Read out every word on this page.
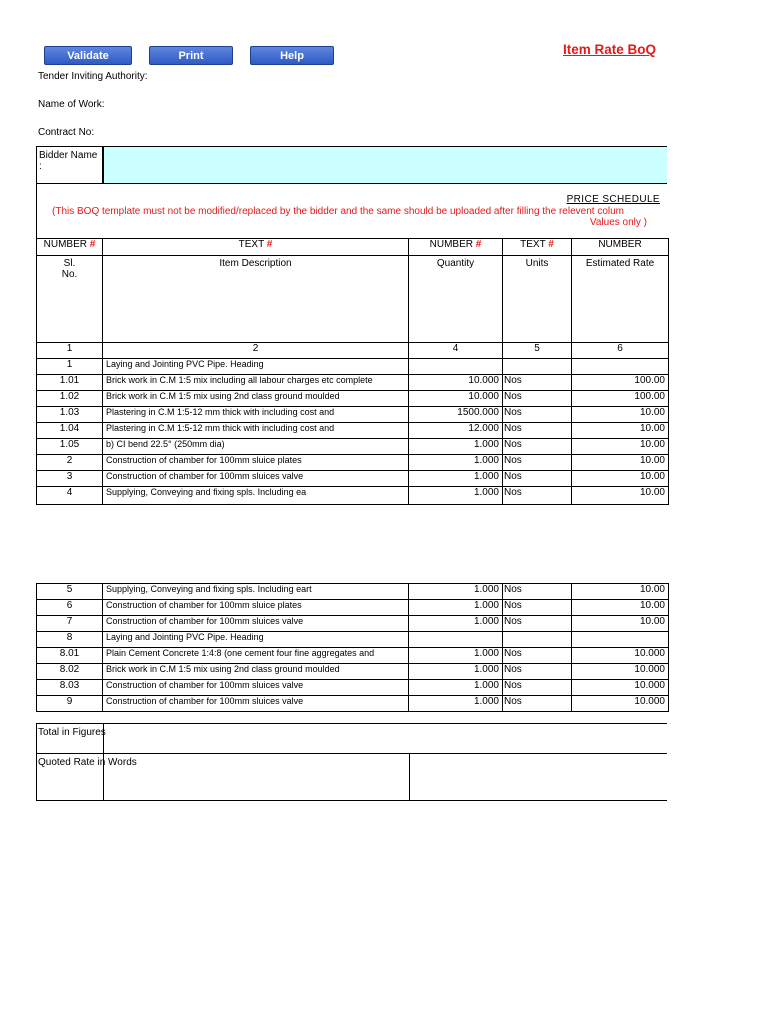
Validate	Print	Help	Item Rate BoQ
Tender Inviting Authority:
Name of Work:
Contract No:
Bidder Name :
PRICE SCHEDULE
(This BOQ template must not be modified/replaced by the bidder and the same should be uploaded after filling the relevent colum
Values only )
NUMBER #	TEXT #	NUMBER #	TEXT #	NUMBER
Sl.
No.	Item Description	Quantity	Units	Estimated Rate
1	2	4	5	6
1	Laying and Jointing PVC Pipe. Heading			
1.01	Brick work in C.M 1:5 mix including all labour charges etc complete	10.000	Nos	100.00
1.02	Brick work in C.M 1:5 mix using 2nd class ground moulded	10.000	Nos	100.00
1.03	Plastering in C.M 1:5-12 mm thick with including cost and	1500.000	Nos	10.00
1.04	Plastering in C.M 1:5-12 mm thick with including cost and	12.000	Nos	10.00
1.05	b) CI bend 22.5° (250mm dia)	1.000	Nos	10.00
2	Construction of chamber for 100mm sluice plates	1.000	Nos	10.00
3	Construction of chamber for 100mm sluices valve	1.000	Nos	10.00
4	Supplying, Conveying and fixing spls. Including ea	1.000	Nos	10.00
5	Supplying, Conveying and fixing spls. Including eart	1.000	Nos	10.00
6	Construction of chamber for 100mm sluice plates	1.000	Nos	10.00
7	Construction of chamber for 100mm sluices valve	1.000	Nos	10.00
8	Laying and Jointing PVC Pipe. Heading			
8.01	Plain Cement Concrete 1:4:8 (one cement four fine aggregates and	1.000	Nos	10.000
8.02	Brick work in C.M 1:5 mix using 2nd class ground moulded	1.000	Nos	10.000
8.03	Construction of chamber for 100mm sluices valve	1.000	Nos	10.000
9	Construction of chamber for 100mm sluices valve	1.000	Nos	10.000
Total in Figures
Quoted Rate in Words
